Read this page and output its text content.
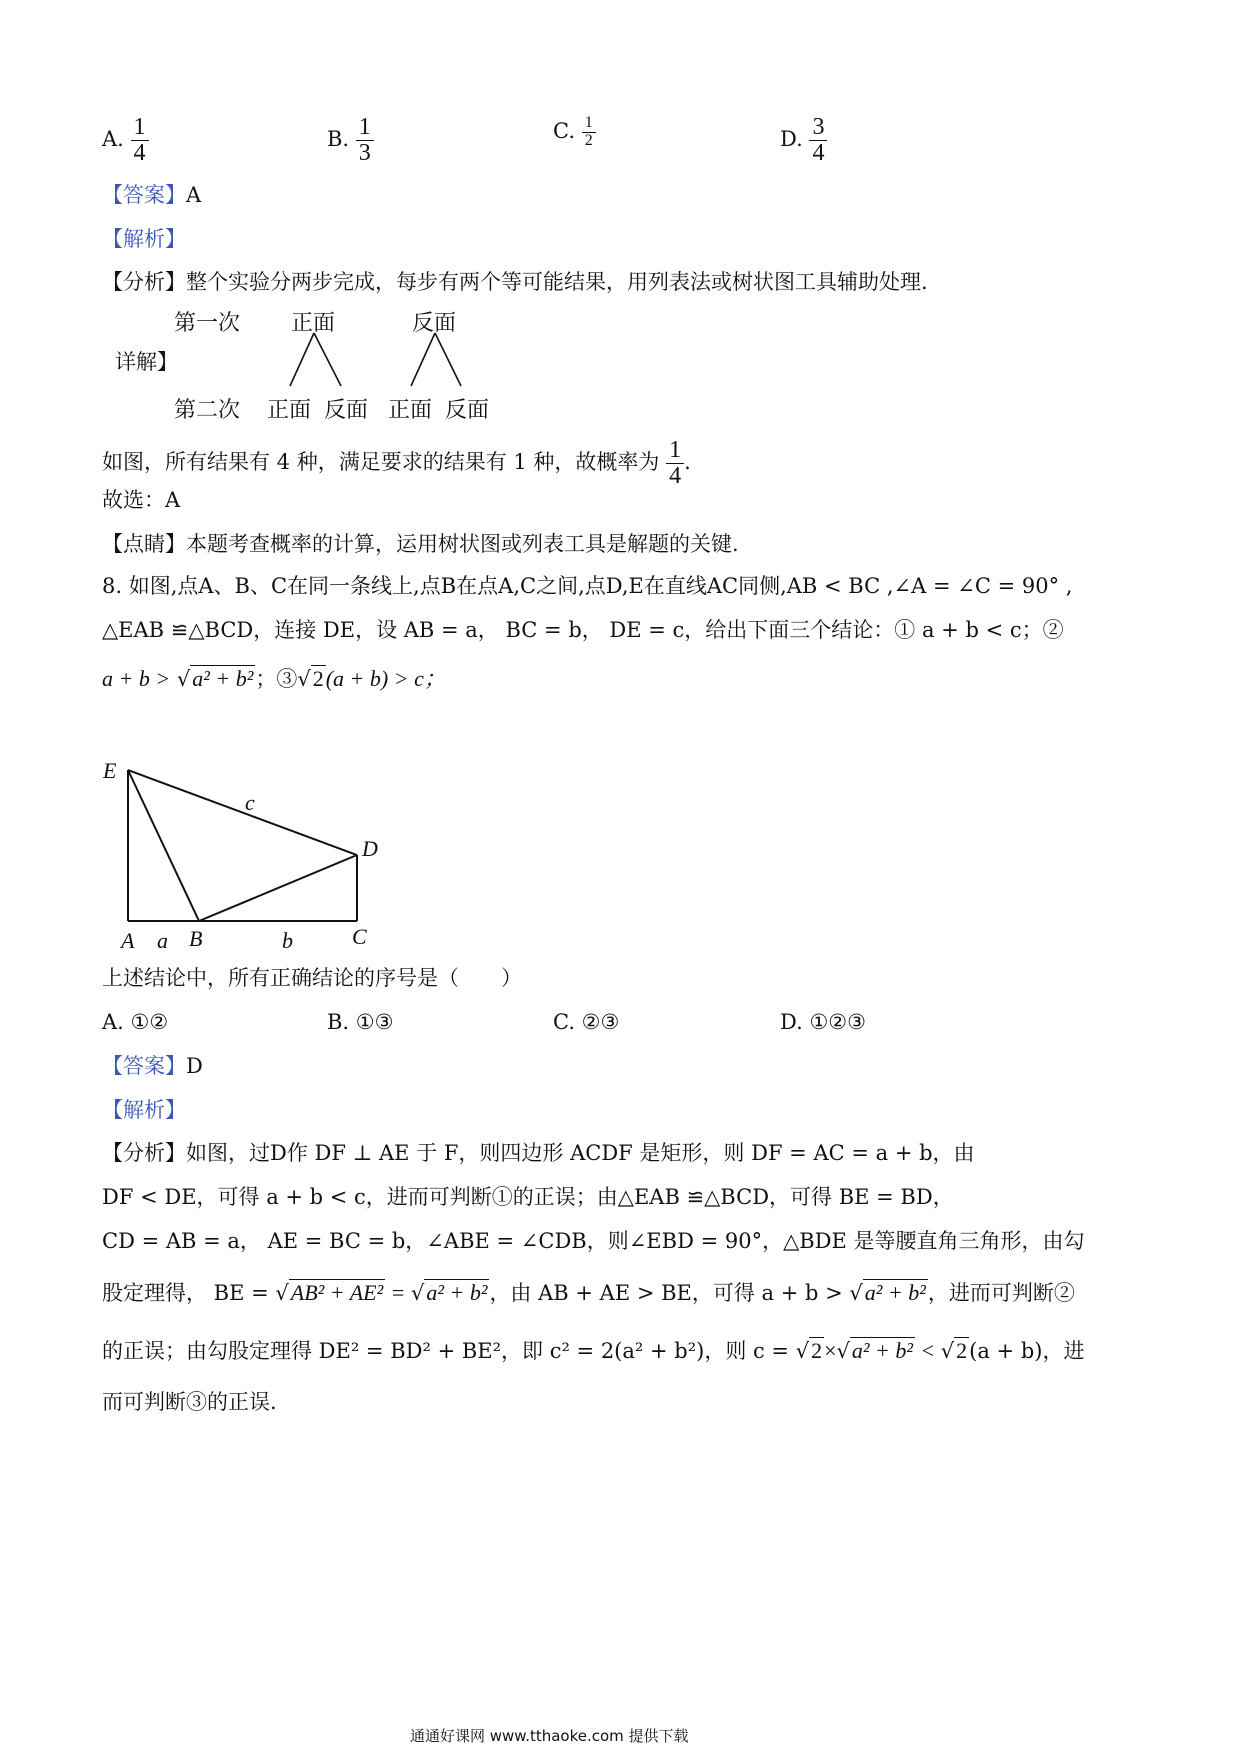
A. $\frac{1}{4}$	B. $\frac{1}{3}$	C. $\frac{1}{2}$	D. $\frac{3}{4}$
【答案】A
【解析】
【分析】整个实验分两步完成，每步有两个等可能结果，用列表法或树状图工具辅助处理.
详解】
第一次
第二次
正面	反面
正面 反面 正面 反面
如图，所有结果有 4 种，满足要求的结果有 1 种，故概率为 $\frac{1}{4}$ .
故选：A
【点睛】本题考查概率的计算，运用树状图或列表工具是解题的关键.
8. 如图,点A、B、C在同一条线上,点B在点A,C之间,点D,E在直线AC同侧,AB < BC ,∠A = ∠C = 90° ,
△EAB ≌△BCD，连接 DE，设 AB = a， BC = b， DE = c，给出下面三个结论：① a + b < c；②
a + b > √a² + b²；③√2(a + b) > c；
E
D
C
A B
a	b
c
上述结论中，所有正确结论的序号是（　　）
A. ①②	B. ①③	C. ②③	D. ①②③
【答案】D
【解析】
【分析】如图，过D作 DF ⊥ AE 于 F，则四边形 ACDF 是矩形，则 DF = AC = a + b，由
DF < DE，可得 a + b < c，进而可判断①的正误；由△EAB ≌△BCD，可得 BE = BD，
CD = AB = a， AE = BC = b，∠ABE = ∠CDB，则∠EBD = 90°，△BDE 是等腰直角三角形，由勾
股定理得， BE = √AB² + AE² = √a² + b²，由 AB + AE > BE，可得 a + b > √a² + b²，进而可判断②
的正误；由勾股定理得 DE² = BD² + BE²，即 c² = 2(a² + b²)，则 c = √2×√a² + b² < √2(a + b)，进
而可判断③的正误.
通通好课网 www.tthaoke.com 提供下载
